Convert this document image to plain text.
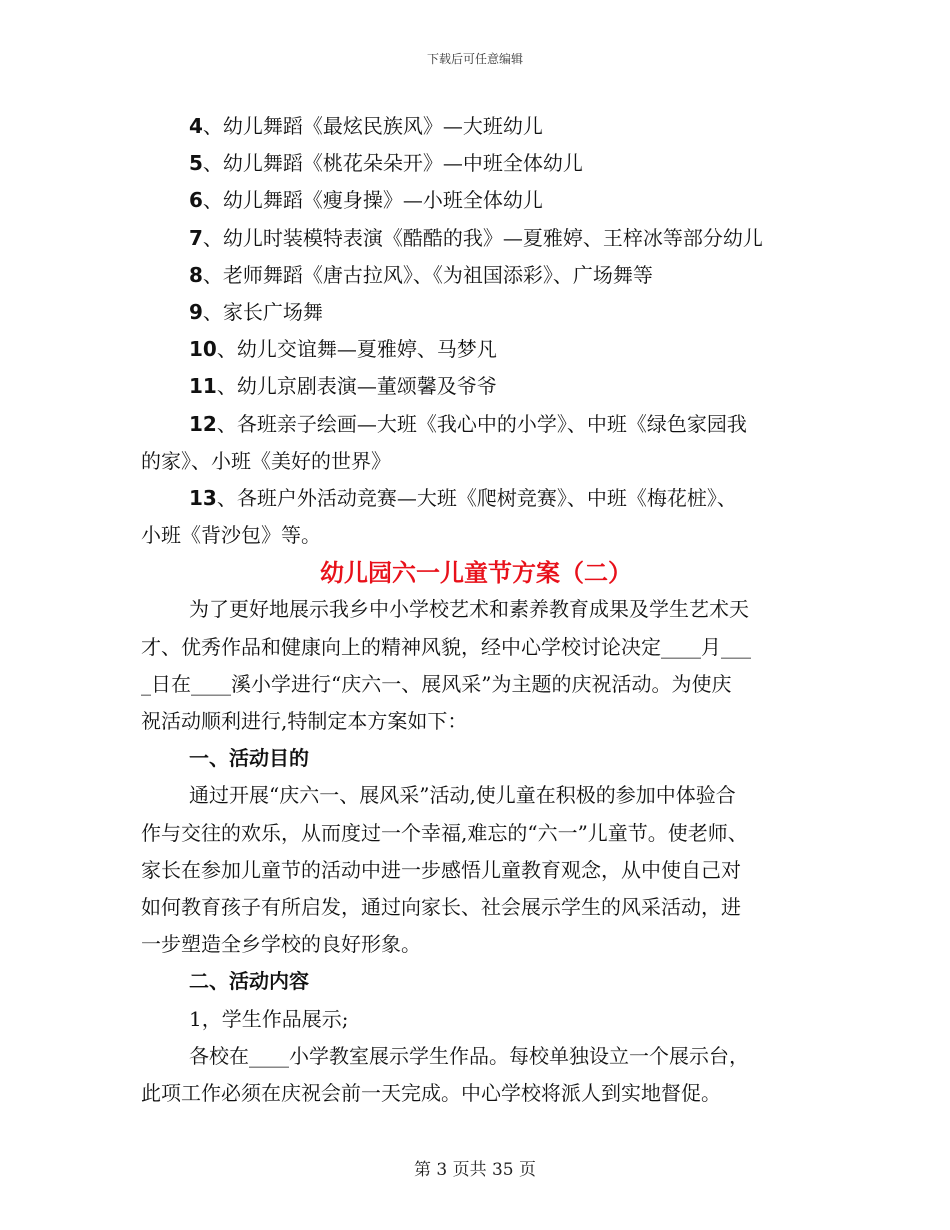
下载后可任意编辑
4、幼儿舞蹈《最炫民族风》—大班幼儿
5、幼儿舞蹈《桃花朵朵开》—中班全体幼儿
6、幼儿舞蹈《瘦身操》—小班全体幼儿
7、幼儿时装模特表演《酷酷的我》—夏雅婷、王梓冰等部分幼儿
8、老师舞蹈《唐古拉风》、《为祖国添彩》、广场舞等
9、家长广场舞
10、幼儿交谊舞—夏雅婷、马梦凡
11、幼儿京剧表演—董颂馨及爷爷
12、各班亲子绘画—大班《我心中的小学》、中班《绿色家园我
的家》、小班《美好的世界》
13、各班户外活动竞赛—大班《爬树竞赛》、中班《梅花桩》、
小班《背沙包》等。
幼儿园六一儿童节方案（二）
为了更好地展示我乡中小学校艺术和素养教育成果及学生艺术天
才、优秀作品和健康向上的精神风貌，经中心学校讨论决定____月___
_日在____溪小学进行“庆六一、展风采”为主题的庆祝活动。为使庆
祝活动顺利进行,特制定本方案如下：
一、活动目的
通过开展“庆六一、展风采”活动,使儿童在积极的参加中体验合
作与交往的欢乐，从而度过一个幸福,难忘的“六一”儿童节。使老师、
家长在参加儿童节的活动中进一步感悟儿童教育观念，从中使自己对
如何教育孩子有所启发，通过向家长、社会展示学生的风采活动，进
一步塑造全乡学校的良好形象。
二、活动内容
1，学生作品展示;
各校在____小学教室展示学生作品。每校单独设立一个展示台，
此项工作必须在庆祝会前一天完成。中心学校将派人到实地督促。
第 3 页共 35 页
